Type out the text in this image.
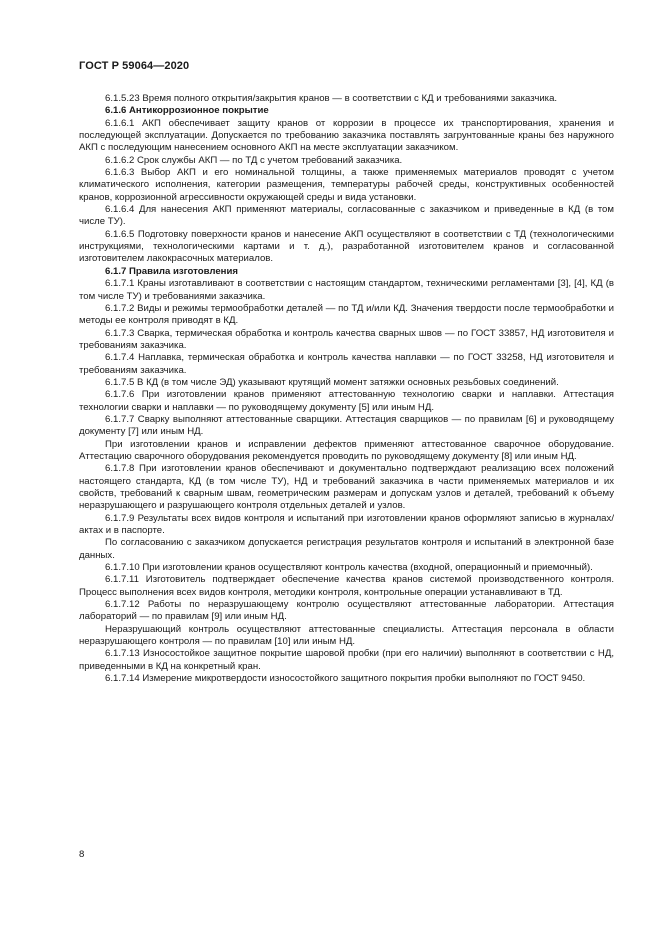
ГОСТ Р 59064—2020

6.1.5.23 Время полного открытия/закрытия кранов — в соответствии с КД и требованиями заказчика.

6.1.6 Антикоррозионное покрытие

6.1.6.1 АКП обеспечивает защиту кранов от коррозии в процессе их транспортирования, хранения и последующей эксплуатации. Допускается по требованию заказчика поставлять загрунтованные краны без наружного АКП с последующим нанесением основного АКП на месте эксплуатации заказчиком.

6.1.6.2 Срок службы АКП — по ТД с учетом требований заказчика.

6.1.6.3 Выбор АКП и его номинальной толщины, а также применяемых материалов проводят с учетом климатического исполнения, категории размещения, температуры рабочей среды, конструктивных особенностей кранов, коррозионной агрессивности окружающей среды и вида установки.

6.1.6.4 Для нанесения АКП применяют материалы, согласованные с заказчиком и приведенные в КД (в том числе ТУ).

6.1.6.5 Подготовку поверхности кранов и нанесение АКП осуществляют в соответствии с ТД (технологическими инструкциями, технологическими картами и т. д.), разработанной изготовителем кранов и согласованной изготовителем лакокрасочных материалов.

6.1.7 Правила изготовления

6.1.7.1 Краны изготавливают в соответствии с настоящим стандартом, техническими регламентами [3], [4], КД (в том числе ТУ) и требованиями заказчика.

6.1.7.2 Виды и режимы термообработки деталей — по ТД и/или КД. Значения твердости после термообработки и методы ее контроля приводят в КД.

6.1.7.3 Сварка, термическая обработка и контроль качества сварных швов — по ГОСТ 33857, НД изготовителя и требованиям заказчика.

6.1.7.4 Наплавка, термическая обработка и контроль качества наплавки — по ГОСТ 33258, НД изготовителя и требованиям заказчика.

6.1.7.5 В КД (в том числе ЭД) указывают крутящий момент затяжки основных резьбовых соединений.

6.1.7.6 При изготовлении кранов применяют аттестованную технологию сварки и наплавки. Аттестация технологии сварки и наплавки — по руководящему документу [5] или иным НД.

6.1.7.7 Сварку выполняют аттестованные сварщики. Аттестация сварщиков — по правилам [6] и руководящему документу [7] или иным НД.

При изготовлении кранов и исправлении дефектов применяют аттестованное сварочное оборудование. Аттестацию сварочного оборудования рекомендуется проводить по руководящему документу [8] или иным НД.

6.1.7.8 При изготовлении кранов обеспечивают и документально подтверждают реализацию всех положений настоящего стандарта, КД (в том числе ТУ), НД и требований заказчика в части применяемых материалов и их свойств, требований к сварным швам, геометрическим размерам и допускам узлов и деталей, требований к объему неразрушающего и разрушающего контроля отдельных деталей и узлов.

6.1.7.9 Результаты всех видов контроля и испытаний при изготовлении кранов оформляют записью в журналах/актах и в паспорте.

По согласованию с заказчиком допускается регистрация результатов контроля и испытаний в электронной базе данных.

6.1.7.10 При изготовлении кранов осуществляют контроль качества (входной, операционный и приемочный).

6.1.7.11 Изготовитель подтверждает обеспечение качества кранов системой производственного контроля. Процесс выполнения всех видов контроля, методики контроля, контрольные операции устанавливают в ТД.

6.1.7.12 Работы по неразрушающему контролю осуществляют аттестованные лаборатории. Аттестация лабораторий — по правилам [9] или иным НД.

Неразрушающий контроль осуществляют аттестованные специалисты. Аттестация персонала в области неразрушающего контроля — по правилам [10] или иным НД.

6.1.7.13 Износостойкое защитное покрытие шаровой пробки (при его наличии) выполняют в соответствии с НД, приведенными в КД на конкретный кран.

6.1.7.14 Измерение микротвердости износостойкого защитного покрытия пробки выполняют по ГОСТ 9450.

8
